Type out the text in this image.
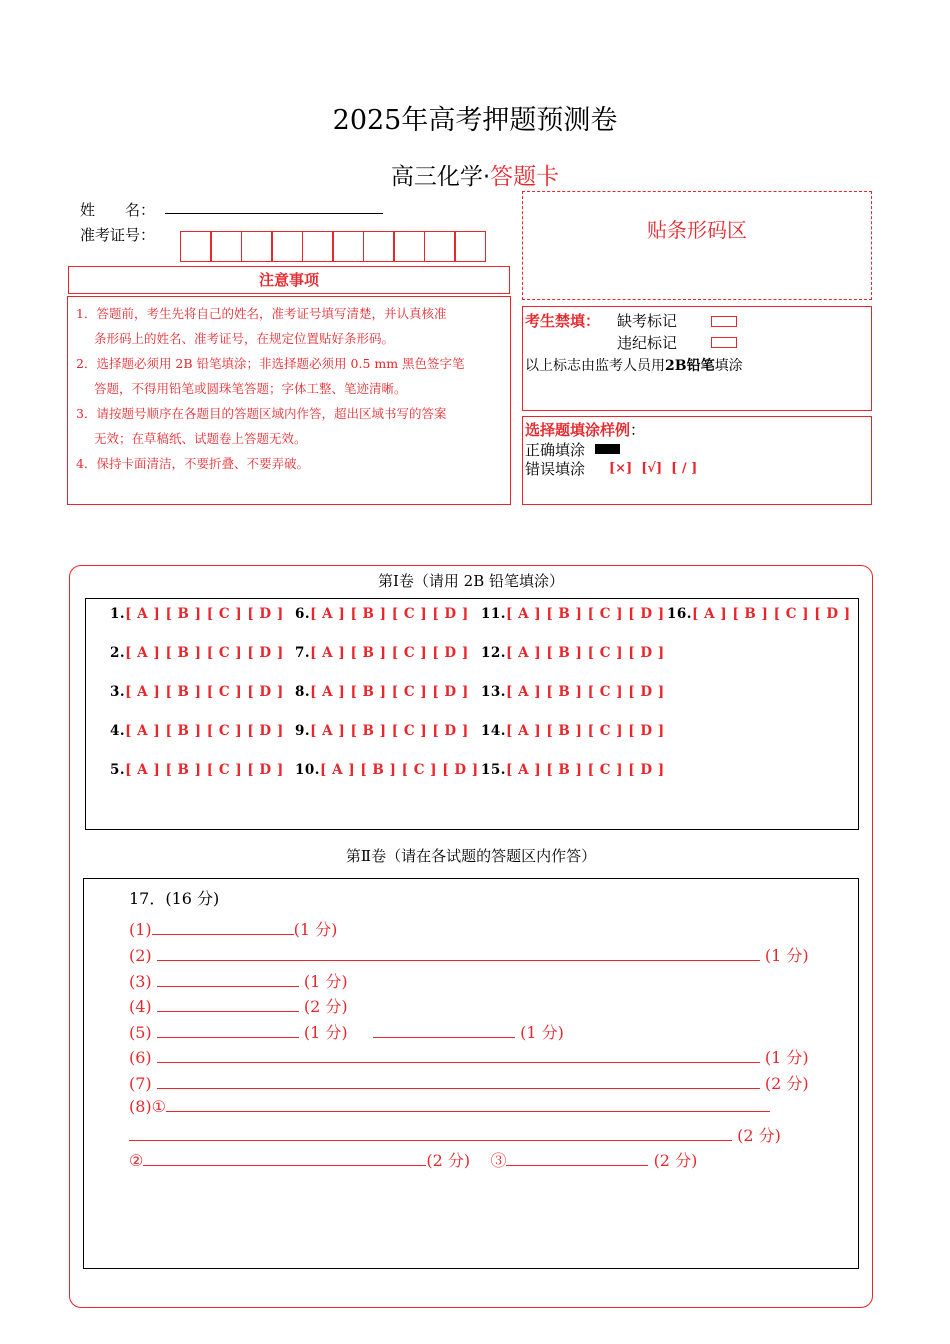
2025年高考押题预测卷
高三化学·答题卡
姓　　名：
准考证号：
注意事项
1．答题前，考生先将自己的姓名，准考证号填写清楚，并认真核准
条形码上的姓名、准考证号，在规定位置贴好条形码。
2．选择题必须用 2B 铅笔填涂；非选择题必须用 0.5 mm 黑色签字笔
答题，不得用铅笔或圆珠笔答题；字体工整、笔迹清晰。
3．请按题号顺序在各题目的答题区域内作答，超出区域书写的答案
无效；在草稿纸、试题卷上答题无效。
4．保持卡面清洁，不要折叠、不要弄破。
贴条形码区
考生禁填： 缺考标记
违纪标记
以上标志由监考人员用2B铅笔填涂
选择题填涂样例：
正确填涂
错误填涂 [×]  [√]  [ / ]
第Ⅰ卷（请用 2B 铅笔填涂）
1.[ A ] [ B ] [ C ] [ D ]
2.[ A ] [ B ] [ C ] [ D ]
3.[ A ] [ B ] [ C ] [ D ]
4.[ A ] [ B ] [ C ] [ D ]
5.[ A ] [ B ] [ C ] [ D ]
6.[ A ] [ B ] [ C ] [ D ]
7.[ A ] [ B ] [ C ] [ D ]
8.[ A ] [ B ] [ C ] [ D ]
9.[ A ] [ B ] [ C ] [ D ]
10.[ A ] [ B ] [ C ] [ D ]
11.[ A ] [ B ] [ C ] [ D ]
12.[ A ] [ B ] [ C ] [ D ]
13.[ A ] [ B ] [ C ] [ D ]
14.[ A ] [ B ] [ C ] [ D ]
15.[ A ] [ B ] [ C ] [ D ]
16.[ A ] [ B ] [ C ] [ D ]
第Ⅱ卷（请在各试题的答题区内作答）
17．(16 分)
(1)	(1 分)
(2)	(1 分)
(3)	(1 分)
(4)	(2 分)
(5)	(1 分)	(1 分)
(6)	(1 分)
(7)	(2 分)
(8)①
(2 分)
②	(2 分) ③	(2 分)
